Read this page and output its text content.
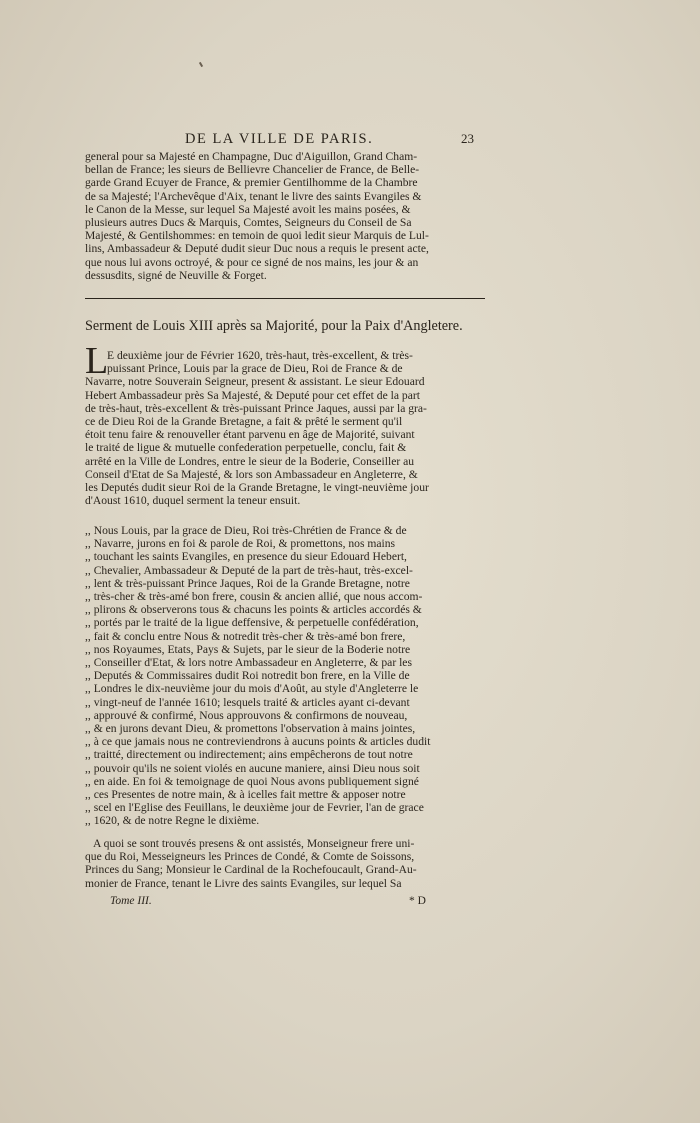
DE LA VILLE DE PARIS.	23
general pour sa Majesté en Champagne, Duc d'Aiguillon, Grand Cham-
bellan de France; les sieurs de Bellievre Chancelier de France, de Belle-
garde Grand Ecuyer de France, & premier Gentilhomme de la Chambre
de sa Majesté; l'Archevêque d'Aix, tenant le livre des saints Evangiles &
le Canon de la Messe, sur lequel Sa Majesté avoit les mains posées, &
plusieurs autres Ducs & Marquis, Comtes, Seigneurs du Conseil de Sa
Majesté, & Gentilshommes: en temoin de quoi ledit sieur Marquis de Lul-
lins, Ambassadeur & Deputé dudit sieur Duc nous a requis le present acte,
que nous lui avons octroyé, & pour ce signé de nos mains, les jour & an
dessusdits, signé de Neuville & Forget.
Serment de Louis XIII après sa Majorité, pour la Paix d'Angletere.
L
E deuxième jour de Février 1620, très-haut, très-excellent, & très-
puissant Prince, Louis par la grace de Dieu, Roi de France & de
Navarre, notre Souverain Seigneur, present & assistant. Le sieur Edouard
Hebert Ambassadeur près Sa Majesté, & Deputé pour cet effet de la part
de très-haut, très-excellent & très-puissant Prince Jaques, aussi par la gra-
ce de Dieu Roi de la Grande Bretagne, a fait & prêté le serment qu'il
étoit tenu faire & renouveller étant parvenu en âge de Majorité, suivant
le traité de ligue & mutuelle confederation perpetuelle, conclu, fait &
arrêté en la Ville de Londres, entre le sieur de la Boderie, Conseiller au
Conseil d'Etat de Sa Majesté, & lors son Ambassadeur en Angleterre, &
les Deputés dudit sieur Roi de la Grande Bretagne, le vingt-neuvième jour
d'Aoust 1610, duquel serment la teneur ensuit.
,, Nous Louis, par la grace de Dieu, Roi très-Chrétien de France & de
,, Navarre, jurons en foi & parole de Roi, & promettons, nos mains
,, touchant les saints Evangiles, en presence du sieur Edouard Hebert,
,, Chevalier, Ambassadeur & Deputé de la part de très-haut, très-excel-
,, lent & très-puissant Prince Jaques, Roi de la Grande Bretagne, notre
,, très-cher & très-amé bon frere, cousin & ancien allié, que nous accom-
,, plirons & observerons tous & chacuns les points & articles accordés &
,, portés par le traité de la ligue deffensive, & perpetuelle confédération,
,, fait & conclu entre Nous & notredit très-cher & très-amé bon frere,
,, nos Royaumes, Etats, Pays & Sujets, par le sieur de la Boderie notre
,, Conseiller d'Etat, & lors notre Ambassadeur en Angleterre, & par les
,, Deputés & Commissaires dudit Roi notredit bon frere, en la Ville de
,, Londres le dix-neuvième jour du mois d'Août, au style d'Angleterre le
,, vingt-neuf de l'année 1610; lesquels traité & articles ayant ci-devant
,, approuvé & confirmé, Nous approuvons & confirmons de nouveau,
,, & en jurons devant Dieu, & promettons l'observation à mains jointes,
,, à ce que jamais nous ne contreviendrons à aucuns points & articles dudit
,, traitté, directement ou indirectement; ains empêcherons de tout notre
,, pouvoir qu'ils ne soient violés en aucune maniere, ainsi Dieu nous soit
,, en aide. En foi & temoignage de quoi Nous avons publiquement signé
,, ces Presentes de notre main, & à icelles fait mettre & apposer notre
,, scel en l'Eglise des Feuillans, le deuxième jour de Fevrier, l'an de grace
,, 1620, & de notre Regne le dixième.
A quoi se sont trouvés presens & ont assistés, Monseigneur frere uni-
que du Roi, Messeigneurs les Princes de Condé, & Comte de Soissons,
Princes du Sang; Monsieur le Cardinal de la Rochefoucault, Grand-Au-
monier de France, tenant le Livre des saints Evangiles, sur lequel Sa
Tome III.	* D
